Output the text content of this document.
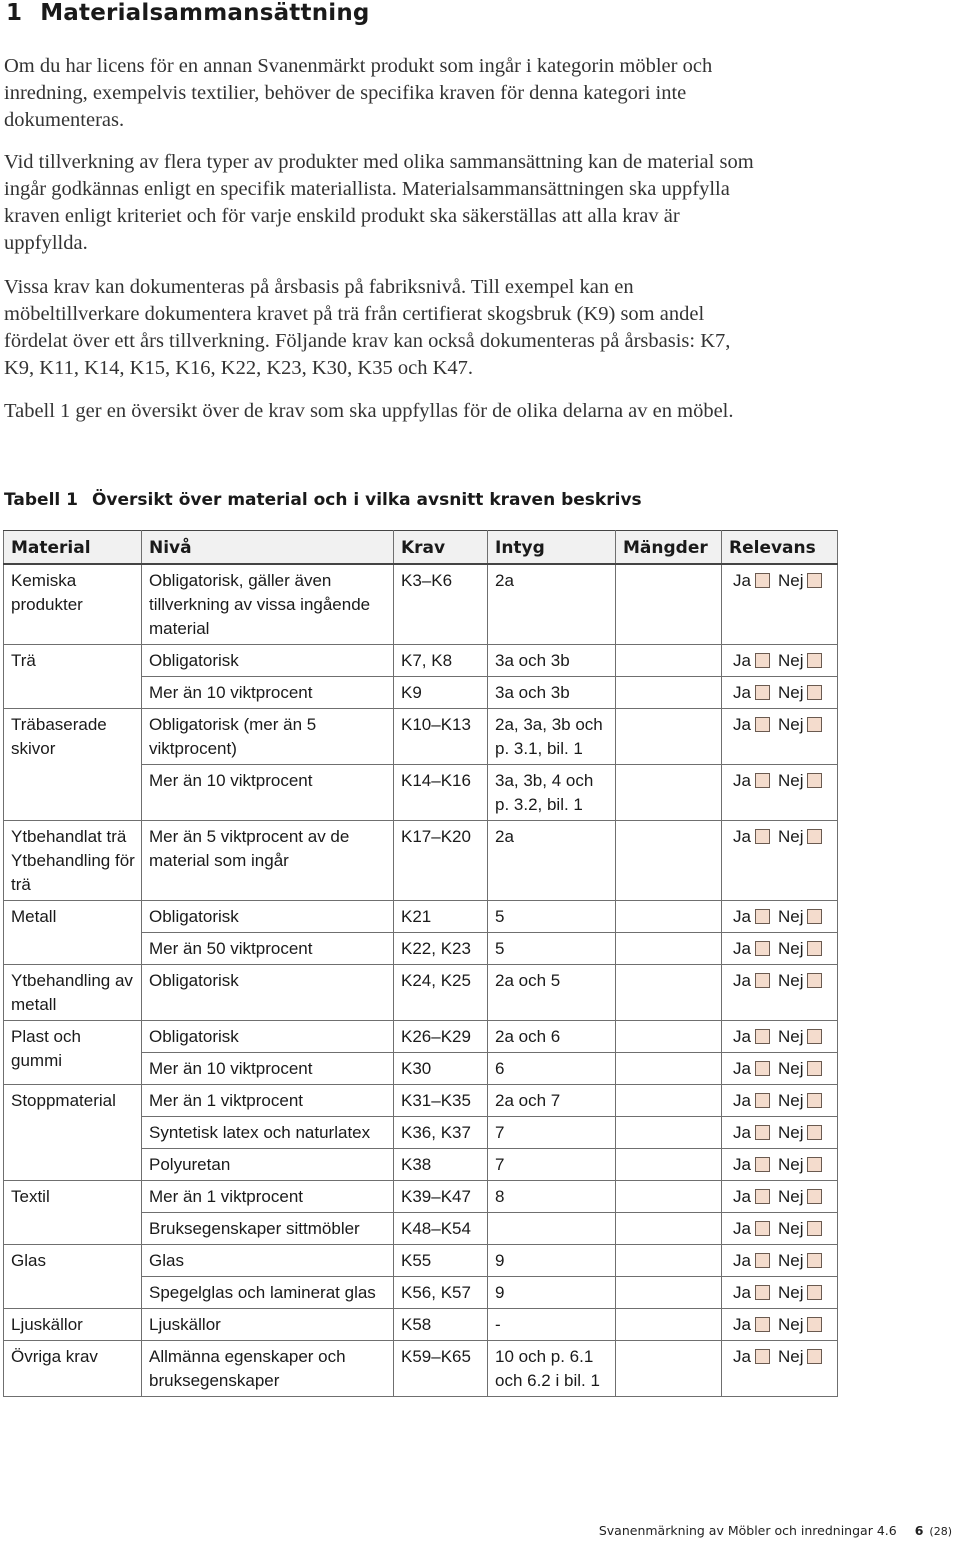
1 Materialsammansättning

Om du har licens för en annan Svanenmärkt produkt som ingår i kategorin möbler och inredning, exempelvis textilier, behöver de specifika kraven för denna kategori inte dokumenteras.

Vid tillverkning av flera typer av produkter med olika sammansättning kan de material som ingår godkännas enligt en specifik materiallista. Materialsammansättningen ska uppfylla kraven enligt kriteriet och för varje enskild produkt ska säkerställas att alla krav är uppfyllda.

Vissa krav kan dokumenteras på årsbasis på fabriksnivå. Till exempel kan en möbeltillverkare dokumentera kravet på trä från certifierat skogsbruk (K9) som andel fördelat över ett års tillverkning. Följande krav kan också dokumenteras på årsbasis: K7, K9, K11, K14, K15, K16, K22, K23, K30, K35 och K47.

Tabell 1 ger en översikt över de krav som ska uppfyllas för de olika delarna av en möbel.

Tabell 1 Översikt över material och i vilka avsnitt kraven beskrivs

Material	Nivå	Krav	Intyg	Mängder	Relevans
Kemiska produkter	Obligatorisk, gäller även tillverkning av vissa ingående material	K3–K6	2a		Ja Nej
Trä	Obligatorisk	K7, K8	3a och 3b		Ja Nej
	Mer än 10 viktprocent	K9	3a och 3b		Ja Nej
Träbaserade skivor	Obligatorisk (mer än 5 viktprocent)	K10–K13	2a, 3a, 3b och p. 3.1, bil. 1		Ja Nej
	Mer än 10 viktprocent	K14–K16	3a, 3b, 4 och p. 3.2, bil. 1		Ja Nej
Ytbehandlat trä Ytbehandling för trä	Mer än 5 viktprocent av de material som ingår	K17–K20	2a		Ja Nej
Metall	Obligatorisk	K21	5		Ja Nej
	Mer än 50 viktprocent	K22, K23	5		Ja Nej
Ytbehandling av metall	Obligatorisk	K24, K25	2a och 5		Ja Nej
Plast och gummi	Obligatorisk	K26–K29	2a och 6		Ja Nej
	Mer än 10 viktprocent	K30	6		Ja Nej
Stoppmaterial	Mer än 1 viktprocent	K31–K35	2a och 7		Ja Nej
	Syntetisk latex och naturlatex	K36, K37	7		Ja Nej
	Polyuretan	K38	7		Ja Nej
Textil	Mer än 1 viktprocent	K39–K47	8		Ja Nej
	Bruksegenskaper sittmöbler	K48–K54			Ja Nej
Glas	Glas	K55	9		Ja Nej
	Spegelglas och laminerat glas	K56, K57	9		Ja Nej
Ljuskällor	Ljuskällor	K58	-		Ja Nej
Övriga krav	Allmänna egenskaper och bruksegenskaper	K59–K65	10 och p. 6.1 och 6.2 i bil. 1		Ja Nej

Svanenmärkning av Möbler och inredningar 4.6 6 (28)
